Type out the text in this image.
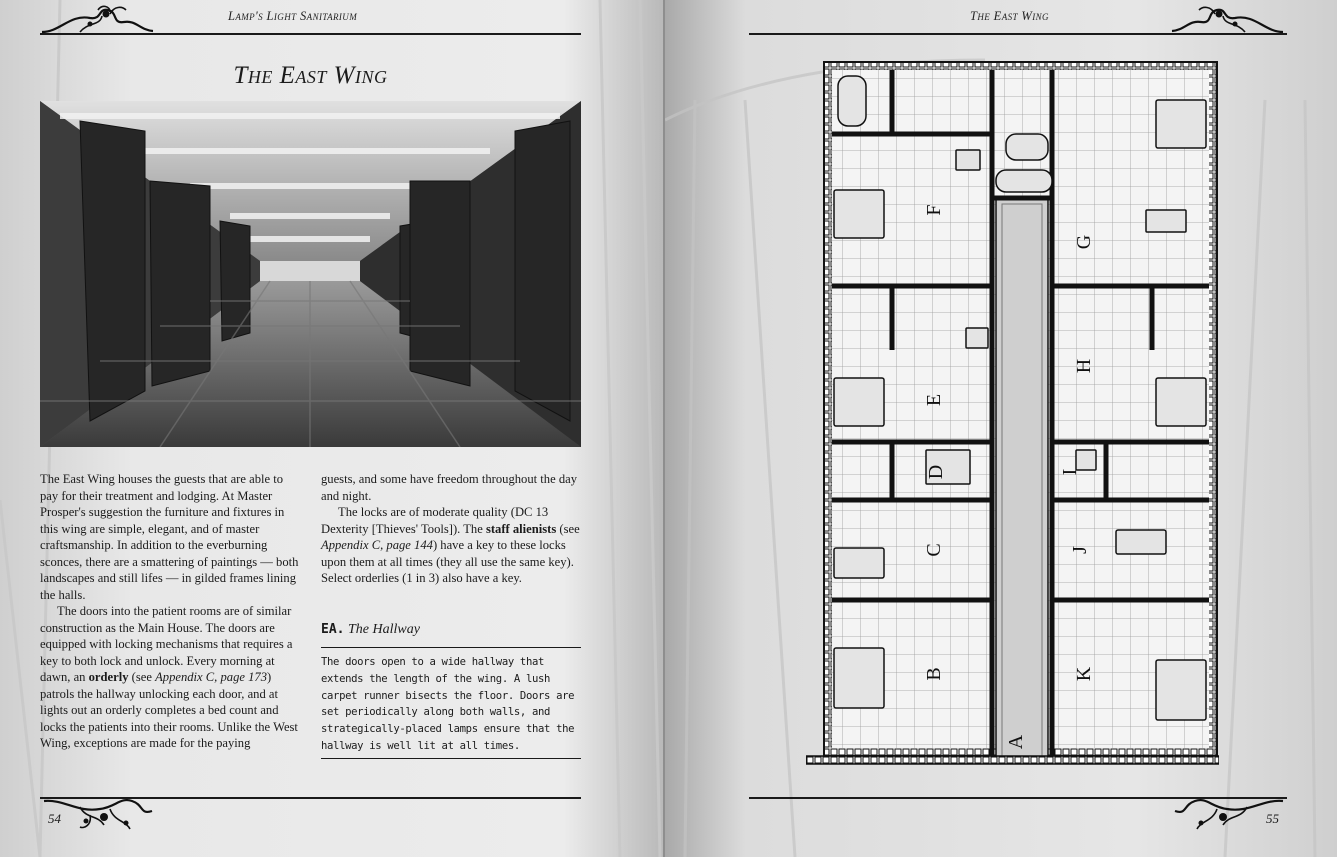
Lamp's Light Sanitarium
The East Wing

The East Wing houses the guests that are able to pay for their treatment and lodging. At Master Prosper's suggestion the furniture and fixtures in this wing are simple, elegant, and of master craftsmanship. In addition to the everburning sconces, there are a smattering of paintings — both landscapes and still lifes — in gilded frames lining the halls.

The doors into the patient rooms are of similar construction as the Main House. The doors are equipped with locking mechanisms that requires a key to both lock and unlock. Every morning at dawn, an orderly (see Appendix C, page 173) patrols the hallway unlocking each door, and at lights out an orderly completes a bed count and locks the patients into their rooms. Unlike the West Wing, exceptions are made for the paying

guests, and some have freedom throughout the day and night.

The locks are of moderate quality (DC 13 Dexterity [Thieves' Tools]). The staff alienists (see Appendix C, page 144) have a key to these locks upon them at all times (they all use the same key). Select orderlies (1 in 3) also have a key.

EA. The Hallway
The doors open to a wide hallway that extends the length of the wing. A lush carpet runner bisects the floor. Doors are set periodically along both walls, and strategically-placed lamps ensure that the hallway is well lit at all times.
54
The East Wing
55
A
B
C
D
E
F
G
H
I
J
K
